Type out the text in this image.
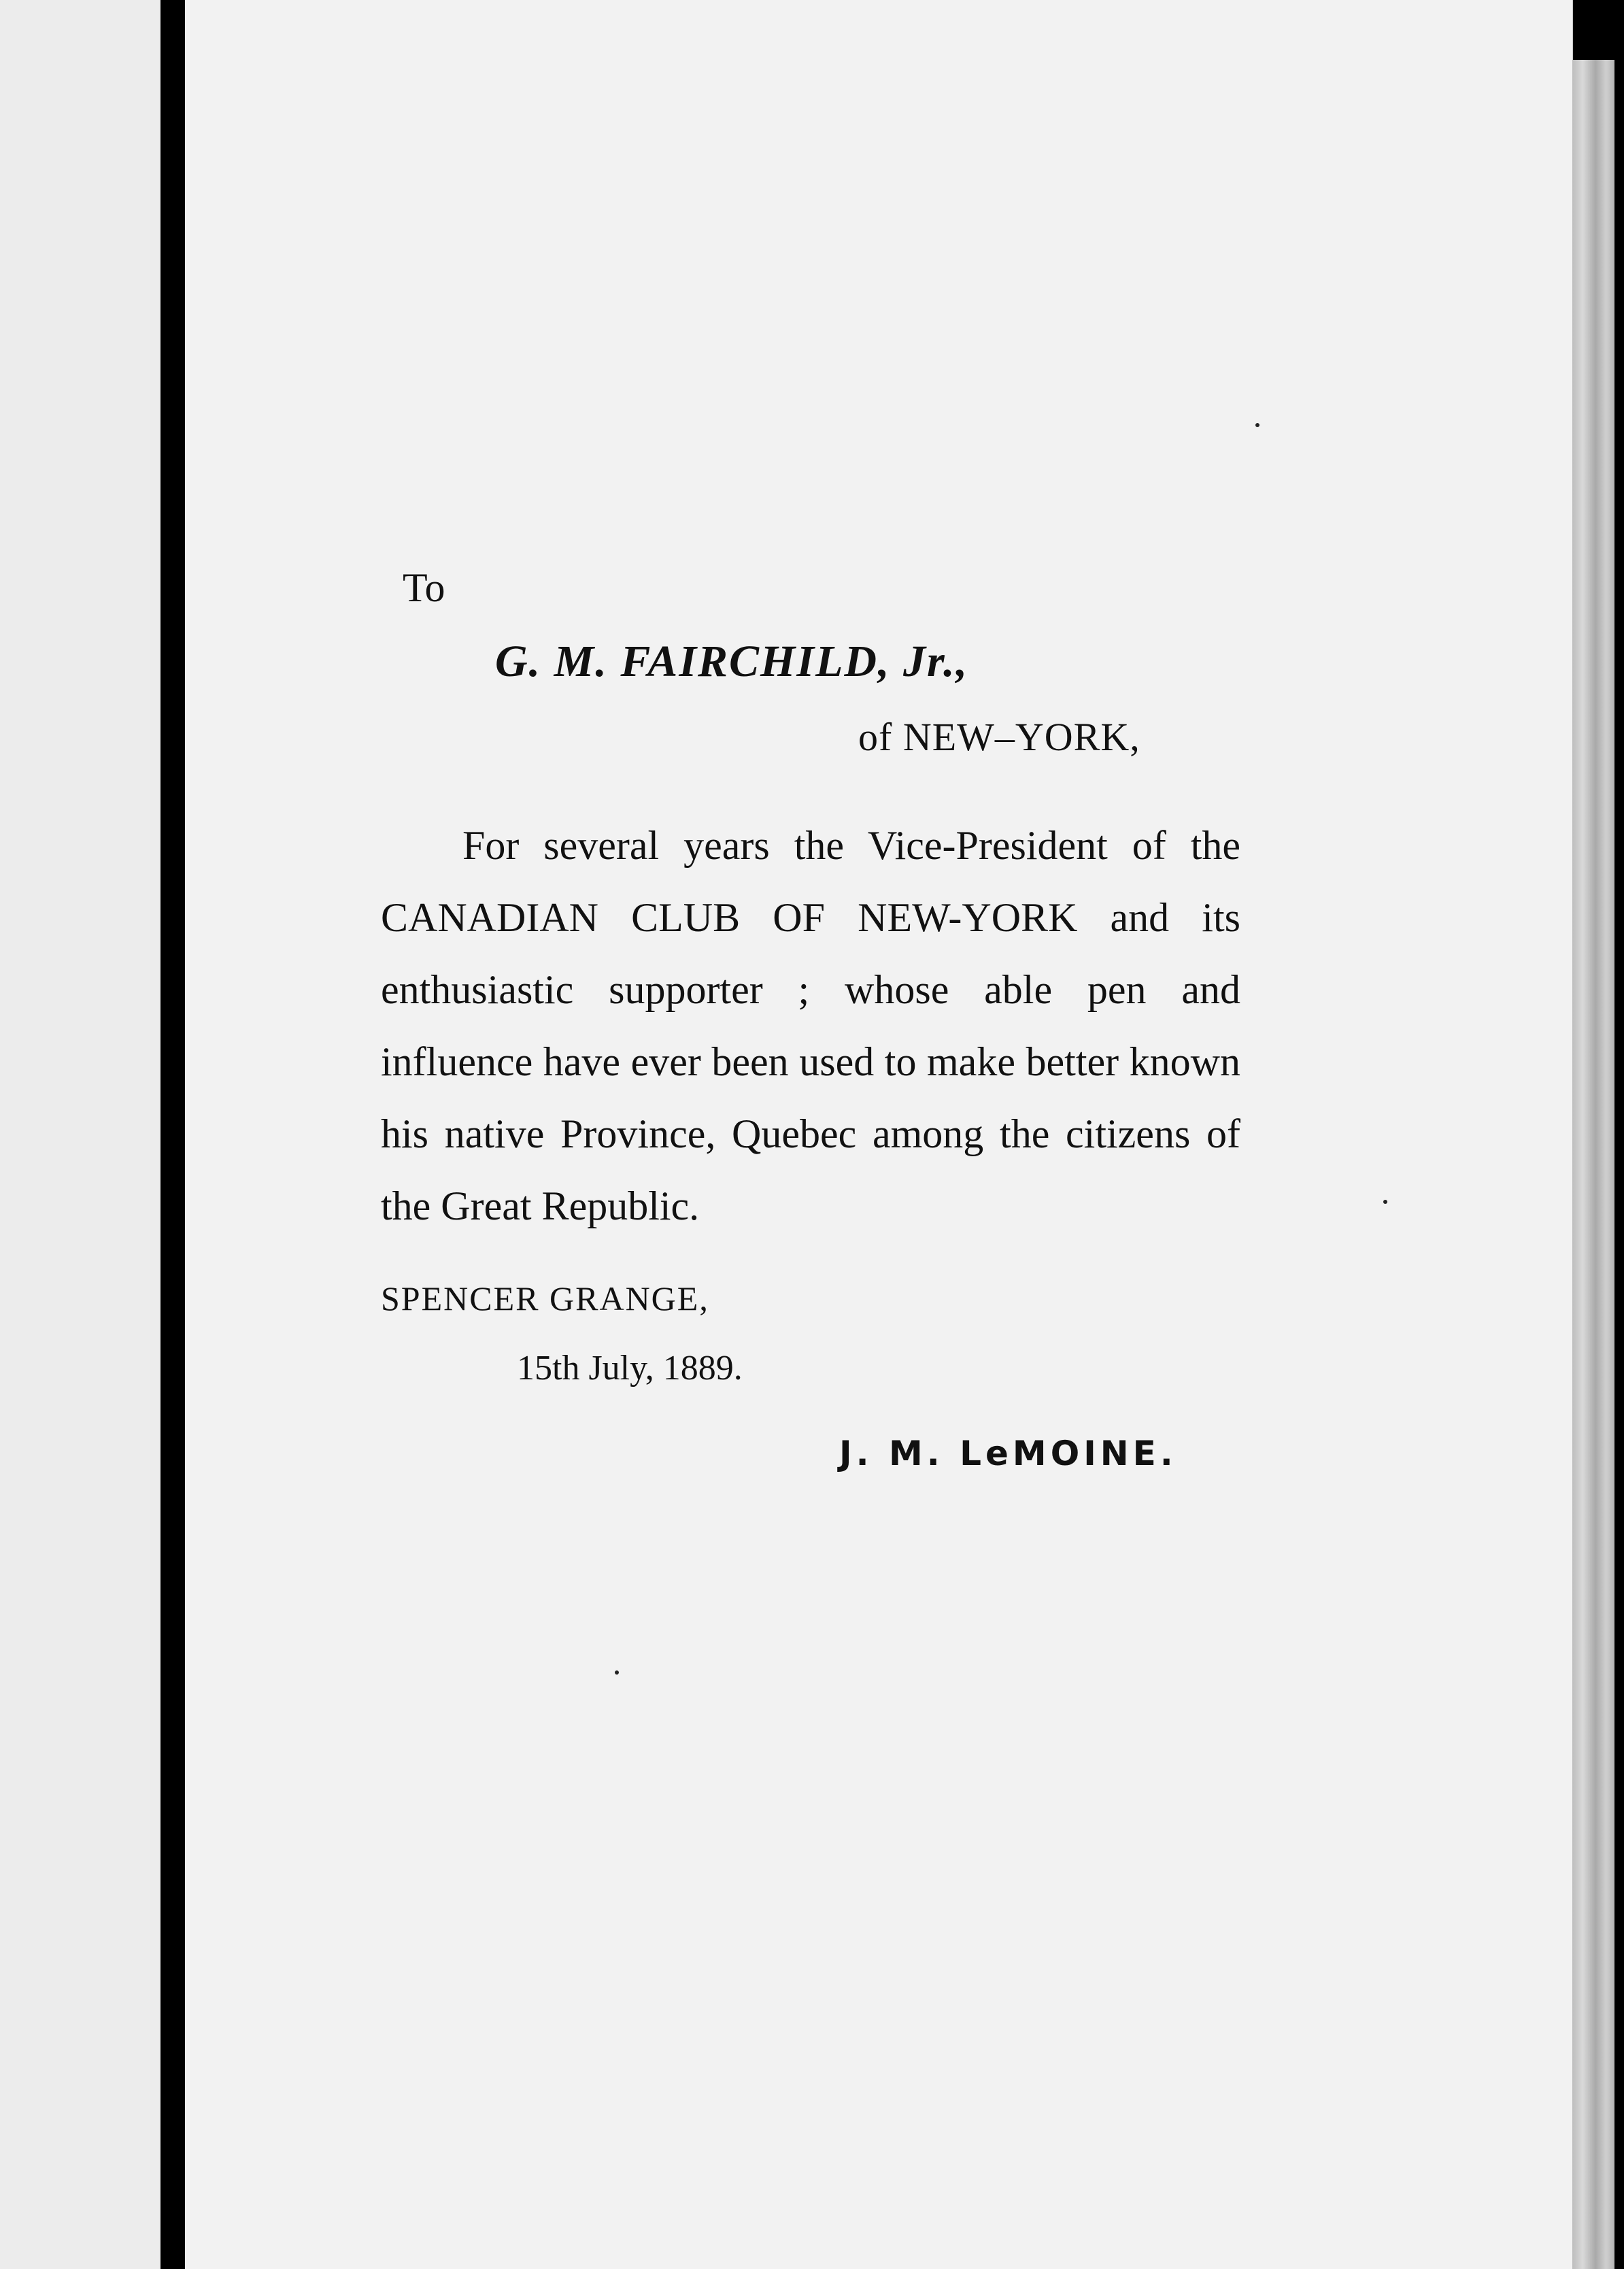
To
G. M. FAIRCHILD, Jr.,
of NEW–YORK,

For several years the Vice-President of the CANADIAN CLUB OF NEW-YORK and its enthusiastic supporter ; whose able pen and influence have ever been used to make better known his native Province, Quebec among the citizens of the Great Republic.

SPENCER GRANGE,
15th July, 1889.
J. M. LeMOINE.
